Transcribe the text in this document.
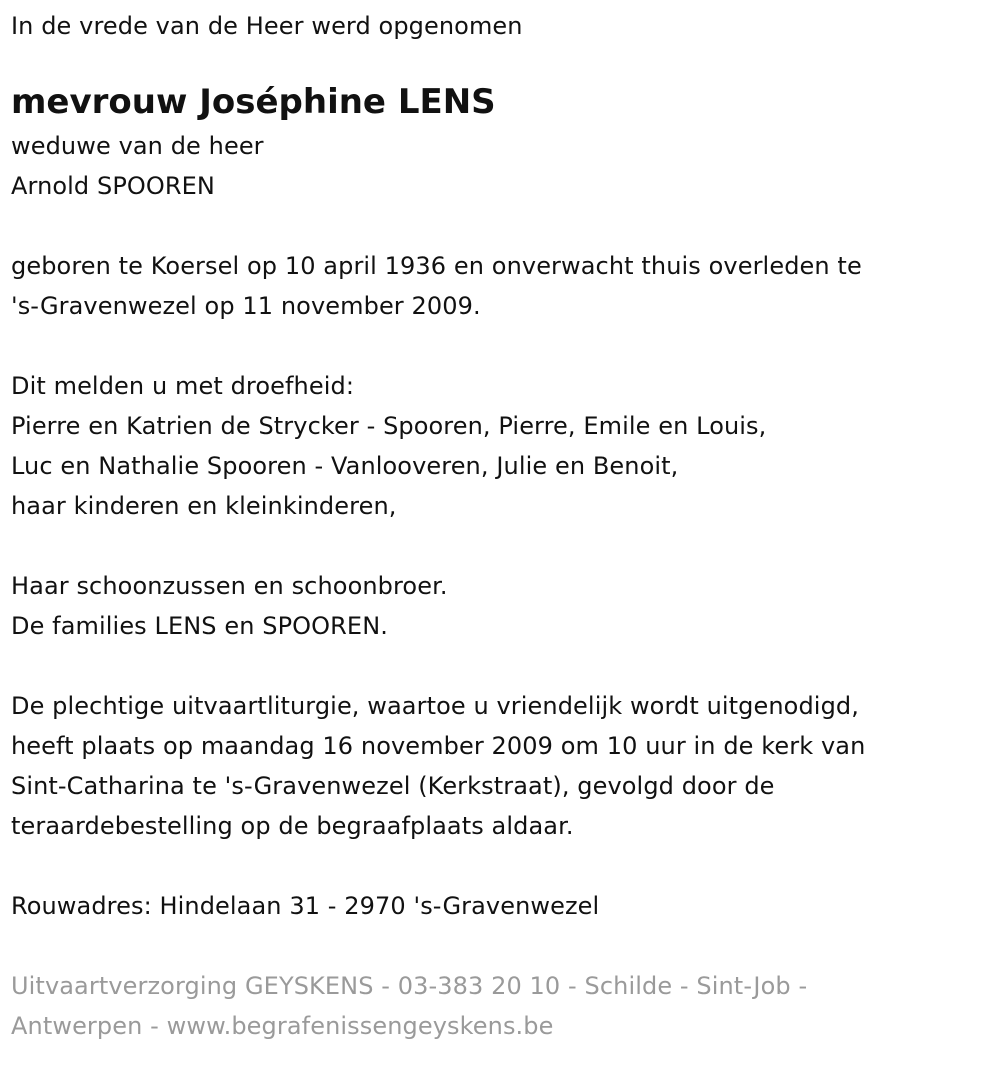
In de vrede van de Heer werd opgenomen
mevrouw Joséphine LENS
weduwe van de heer
Arnold SPOOREN
geboren te Koersel op 10 april 1936 en onverwacht thuis overleden te
's-Gravenwezel op 11 november 2009.
Dit melden u met droefheid:
Pierre en Katrien de Strycker - Spooren, Pierre, Emile en Louis,
Luc en Nathalie Spooren - Vanlooveren, Julie en Benoit,
haar kinderen en kleinkinderen,
Haar schoonzussen en schoonbroer.
De families LENS en SPOOREN.
De plechtige uitvaartliturgie, waartoe u vriendelijk wordt uitgenodigd,
heeft plaats op maandag 16 november 2009 om 10 uur in de kerk van
Sint-Catharina te 's-Gravenwezel (Kerkstraat), gevolgd door de
teraardebestelling op de begraafplaats aldaar.
Rouwadres: Hindelaan 31 - 2970 's-Gravenwezel
Uitvaartverzorging GEYSKENS - 03-383 20 10 - Schilde - Sint-Job -
Antwerpen - www.begrafenissengeyskens.be
